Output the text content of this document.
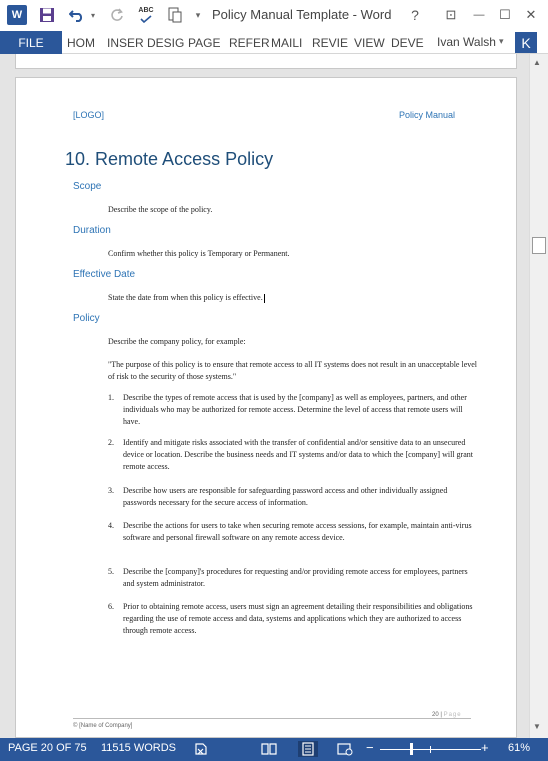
W	▾	ABC	▾ Policy Manual Template - Word	?	⊡ — ☐ ✕
FILE	HOM INSER DESIG PAGE REFER MAILI REVIE VIEW DEVE Ivan Walsh ▾	K
[LOGO]	Policy Manual
10. Remote Access Policy
Scope
Describe the scope of the policy.
Duration
Confirm whether this policy is Temporary or Permanent.
Effective Date
State the date from when this policy is effective.
Policy
Describe the company policy, for example:
"The purpose of this policy is to ensure that remote access to all IT systems does not result in an unacceptable level of risk to the security of those systems."
1.	Describe the types of remote access that is used by the [company] as well as employees, partners, and other individuals who may be authorized for remote access. Determine the level of access that remote users will have.
2.	Identify and mitigate risks associated with the transfer of confidential and/or sensitive data to an unsecured device or location. Describe the business needs and IT systems and/or data to which the [company] will grant remote access.
3.	Describe how users are responsible for safeguarding password access and other individually assigned passwords necessary for the secure access of information.
4.	Describe the actions for users to take when securing remote access sessions, for example, maintain anti-virus software and personal firewall software on any remote access device.
5.	Describe the [company]'s procedures for requesting and/or providing remote access for employees, partners and system administrator.
6.	Prior to obtaining remote access, users must sign an agreement detailing their responsibilities and obligations regarding the use of remote access and data, systems and applications which they are authorized to access through remote access.
20 | Page
© [Name of Company]
▲
▼
PAGE 20 OF 75 11515 WORDS	−	+ 61%
